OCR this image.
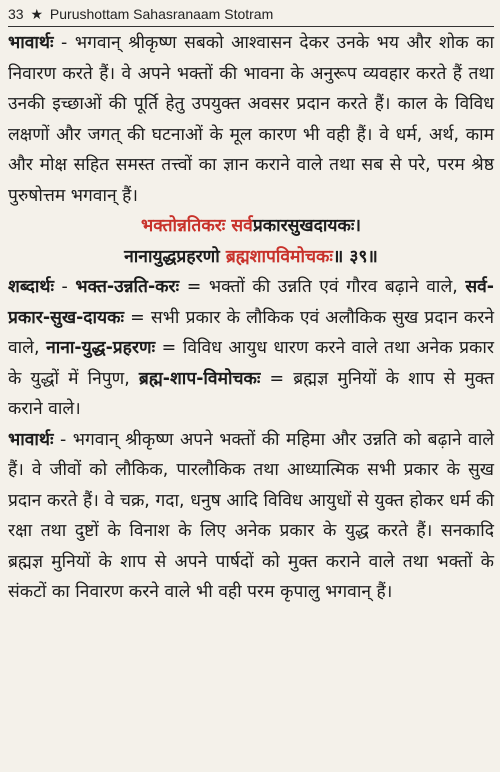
33 ★ Purushottam Sahasranaam Stotram

भावार्थः - भगवान् श्रीकृष्ण सबको आश्वासन देकर उनके भय और शोक का निवारण करते हैं। वे अपने भक्तों की भावना के अनुरूप व्यवहार करते हैं तथा उनकी इच्छाओं की पूर्ति हेतु उपयुक्त अवसर प्रदान करते हैं। काल के विविध लक्षणों और जगत् की घटनाओं के मूल कारण भी वही हैं। वे धर्म, अर्थ, काम और मोक्ष सहित समस्त तत्त्वों का ज्ञान कराने वाले तथा सब से परे, परम श्रेष्ठ पुरुषोत्तम भगवान् हैं।

भक्तोन्नतिकरः सर्वप्रकारसुखदायकः।

नानायुद्धप्रहरणो ब्रह्मशापविमोचकः॥ ३९॥

शब्दार्थः - भक्त-उन्नति-करः = भक्तों की उन्नति एवं गौरव बढ़ाने वाले, सर्व-प्रकार-सुख-दायकः = सभी प्रकार के लौकिक एवं अलौकिक सुख प्रदान करने वाले, नाना-युद्ध-प्रहरणः = विविध आयुध धारण करने वाले तथा अनेक प्रकार के युद्धों में निपुण, ब्रह्म-शाप-विमोचकः = ब्रह्मज्ञ मुनियों के शाप से मुक्त कराने वाले।

भावार्थः - भगवान् श्रीकृष्ण अपने भक्तों की महिमा और उन्नति को बढ़ाने वाले हैं। वे जीवों को लौकिक, पारलौकिक तथा आध्यात्मिक सभी प्रकार के सुख प्रदान करते हैं। वे चक्र, गदा, धनुष आदि विविध आयुधों से युक्त होकर धर्म की रक्षा तथा दुष्टों के विनाश के लिए अनेक प्रकार के युद्ध करते हैं। सनकादि ब्रह्मज्ञ मुनियों के शाप से अपने पार्षदों को मुक्त कराने वाले तथा भक्तों के संकटों का निवारण करने वाले भी वही परम कृपालु भगवान् हैं।
